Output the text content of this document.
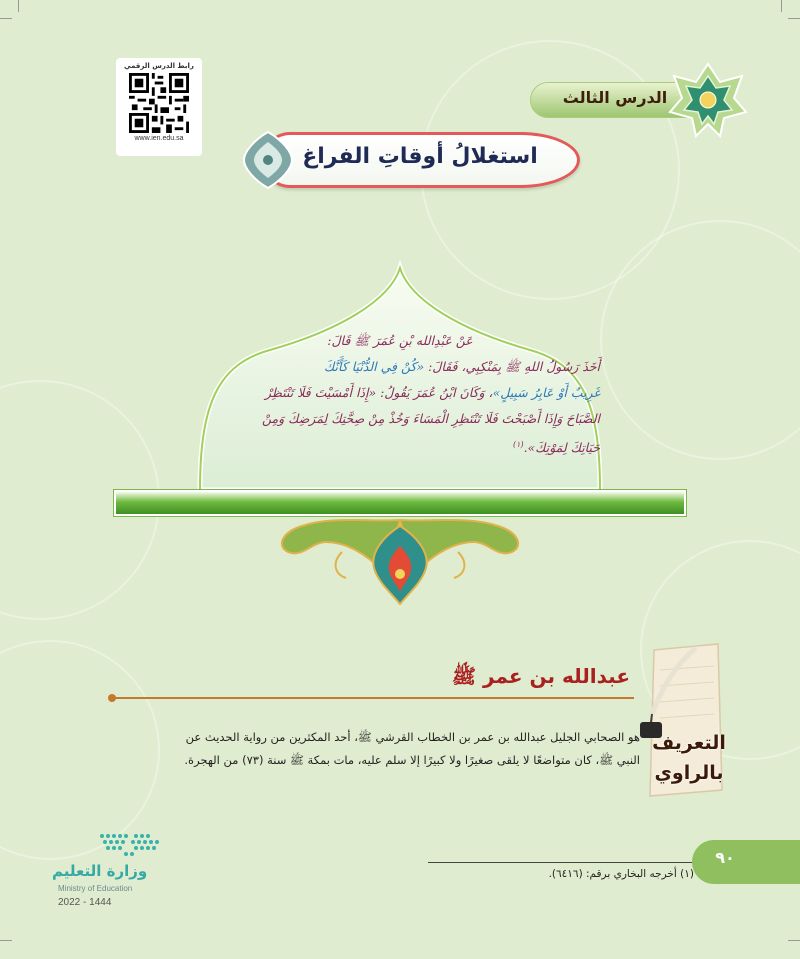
رابط الدرس الرقمي
www.ien.edu.sa
الدرس الثالث
استغلالُ أوقاتِ الفراغ

عَنْ عَبْدِالله بْنِ عُمَرَ ﷺ قَالَ:

أَخَذَ رَسُولُ اللهِ ﷺ بِمَنْكِبِي، فَقَالَ: «كُنْ فِي الدُّنْيَا كَأَنَّكَ

غَرِيبٌ أَوْ عَابِرُ سَبِيلٍ»، وَكَانَ ابْنُ عُمَرَ يَقُولُ: «إِذَا أَمْسَيْتَ فَلَا تَنْتَظِرْ

الصَّبَاحَ وَإِذَا أَصْبَحْتَ فَلَا تَنْتَظِرِ الْمَسَاءَ وَخُذْ مِنْ صِحَّتِكَ لِمَرَضِكَ وَمِنْ

حَيَاتِكَ لِمَوْتِكَ».$^{(١)}$

عبدالله بن عمر ﷺ
التعريف
بالراوي

هو الصحابي الجليل عبدالله بن عمر بن الخطاب القرشي ﷺ، أحد المكثرين من رواية الحديث عن

النبي ﷺ، كان متواضعًا لا يلقى صغيرًا ولا كبيرًا إلا سلم عليه، مات بمكة ﷺ سنة (٧٣) من الهجرة.

(١) أخرجه البخاري برقم: (٦٤١٦).
٩٠
وزارة التعليم
Ministry of Education
2022 - 1444
